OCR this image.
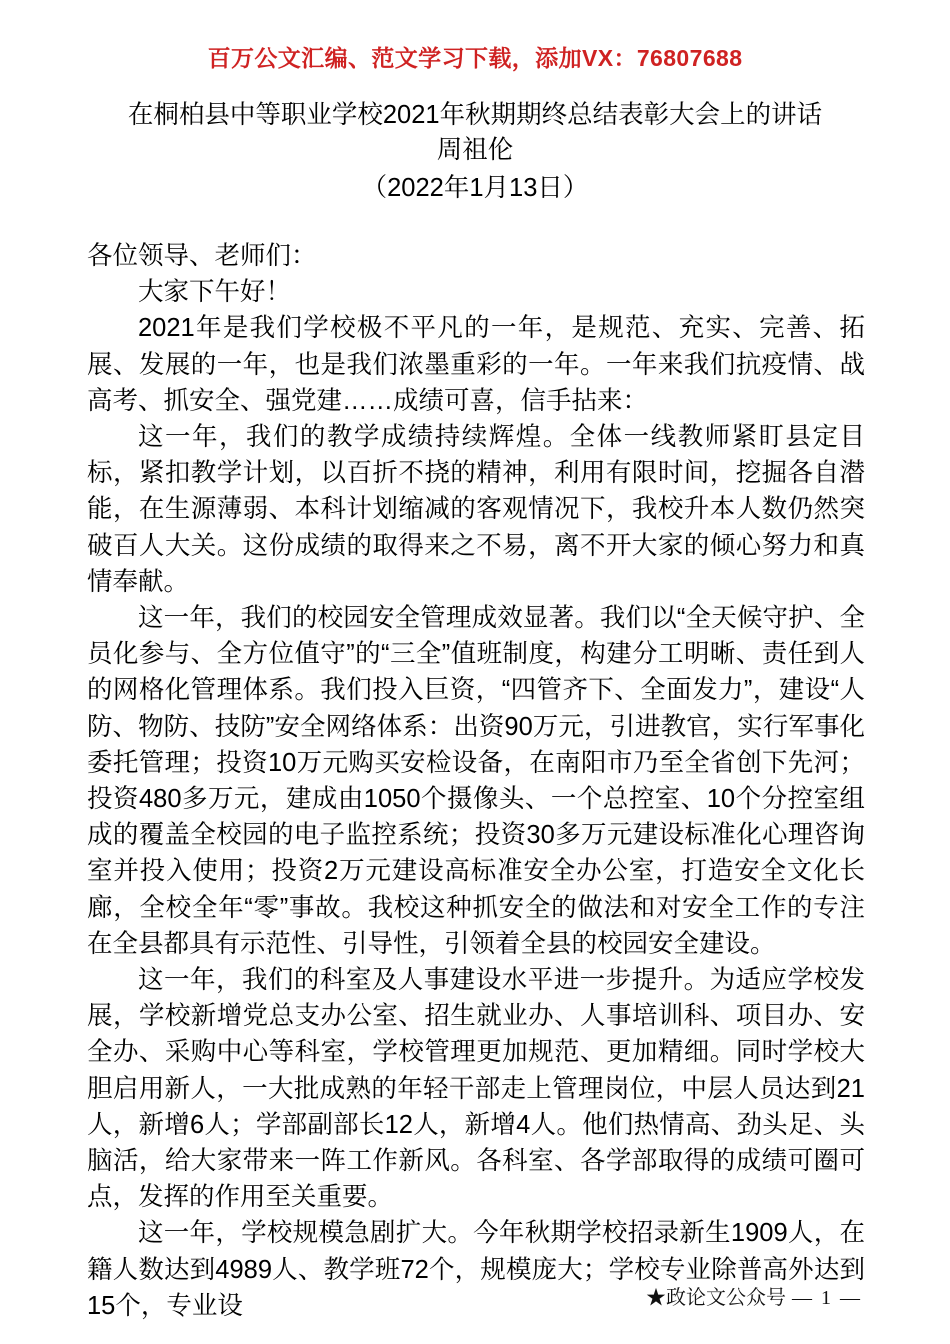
百万公文汇编、范文学习下载，添加VX：76807688
在桐柏县中等职业学校2021年秋期期终总结表彰大会上的讲话
周祖伦
（2022年1月13日）

各位领导、老师们：

大家下午好！

2021年是我们学校极不平凡的一年，是规范、充实、完善、拓展、发展的一年，也是我们浓墨重彩的一年。一年来我们抗疫情、战高考、抓安全、强党建……成绩可喜，信手拈来：

这一年，我们的教学成绩持续辉煌。全体一线教师紧盯县定目标，紧扣教学计划，以百折不挠的精神，利用有限时间，挖掘各自潜能，在生源薄弱、本科计划缩减的客观情况下，我校升本人数仍然突破百人大关。这份成绩的取得来之不易，离不开大家的倾心努力和真情奉献。

这一年，我们的校园安全管理成效显著。我们以“全天候守护、全员化参与、全方位值守”的“三全”值班制度，构建分工明晰、责任到人的网格化管理体系。我们投入巨资，“四管齐下、全面发力”，建设“人防、物防、技防”安全网络体系：出资90万元，引进教官，实行军事化委托管理；投资10万元购买安检设备，在南阳市乃至全省创下先河；投资480多万元，建成由1050个摄像头、一个总控室、10个分控室组成的覆盖全校园的电子监控系统；投资30多万元建设标准化心理咨询室并投入使用；投资2万元建设高标准安全办公室，打造安全文化长廊，全校全年“零”事故。我校这种抓安全的做法和对安全工作的专注在全县都具有示范性、引导性，引领着全县的校园安全建设。

这一年，我们的科室及人事建设水平进一步提升。为适应学校发展，学校新增党总支办公室、招生就业办、人事培训科、项目办、安全办、采购中心等科室，学校管理更加规范、更加精细。同时学校大胆启用新人，一大批成熟的年轻干部走上管理岗位，中层人员达到21人，新增6人；学部副部长12人，新增4人。他们热情高、劲头足、头脑活，给大家带来一阵工作新风。各科室、各学部取得的成绩可圈可点，发挥的作用至关重要。

这一年，学校规模急剧扩大。今年秋期学校招录新生1909人，在籍人数达到4989人、教学班72个，规模庞大；学校专业除普高外达到15个，专业设	★政论文公众号 — 1 —
